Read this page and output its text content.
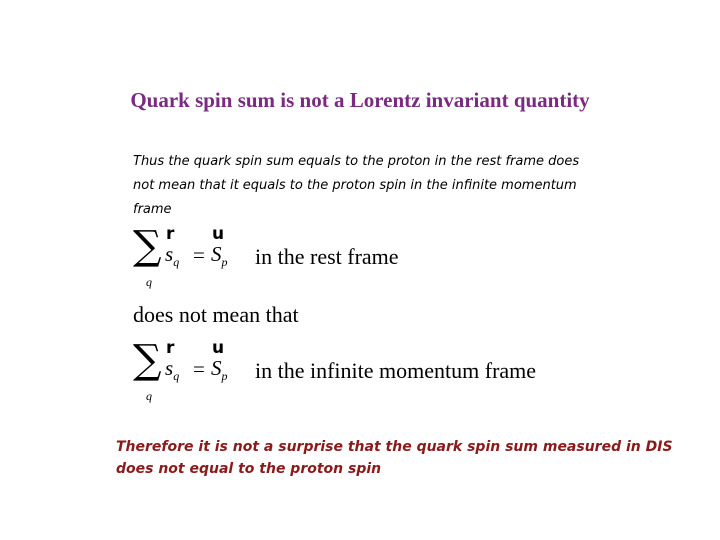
Quark spin sum is not a Lorentz invariant quantity
Thus the quark spin sum equals to the proton in the rest frame does not mean that it equals to the proton spin in the infinite momentum frame
∑
q
r u
$s_q = S_p$ in the rest frame
does not mean that
∑
q
r u
$s_q = S_p$ in the infinite momentum frame
Therefore it is not a surprise that the quark spin sum measured in DIS does not equal to the proton spin
